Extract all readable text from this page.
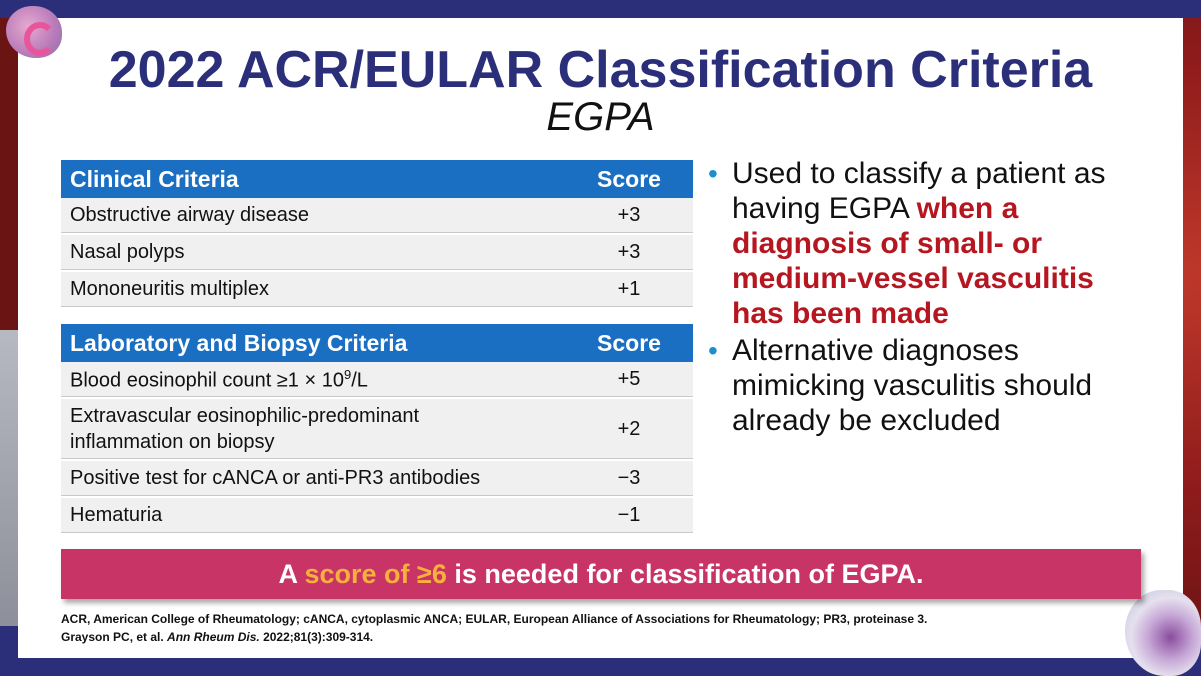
2022 ACR/EULAR Classification Criteria
EGPA
Clinical Criteria	Score
Obstructive airway disease	+3
Nasal polyps	+3
Mononeuritis multiplex	+1
Laboratory and Biopsy Criteria	Score
Blood eosinophil count $\ge 1 \times 10^9/L$	+5
Extravascular eosinophilic-predominant
inflammation on biopsy	+2
Positive test for cANCA or anti-PR3 antibodies	−3
Hematuria	−1
• Used to classify a patient as having EGPA when a diagnosis of small- or medium-vessel vasculitis has been made
• Alternative diagnoses mimicking vasculitis should already be excluded
A score of ≥6 is needed for classification of EGPA.
ACR, American College of Rheumatology; cANCA, cytoplasmic ANCA; EULAR, European Alliance of Associations for Rheumatology; PR3, proteinase 3.
Grayson PC, et al. Ann Rheum Dis. 2022;81(3):309-314.
